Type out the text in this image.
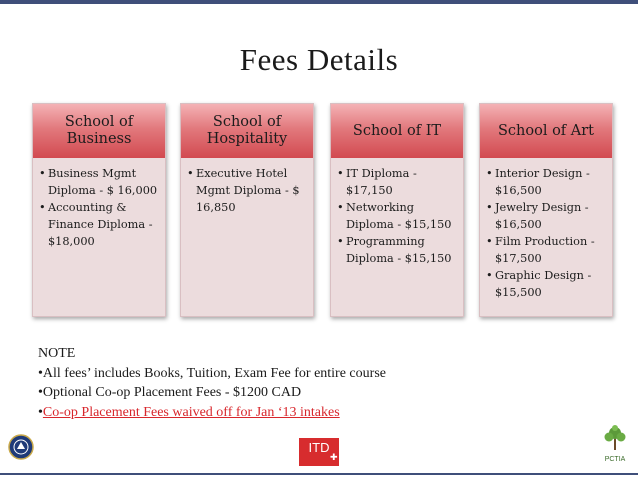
Fees Details
School of Business
• Business Mgmt Diploma - $ 16,000
• Accounting & Finance Diploma - $18,000
School of Hospitality
• Executive Hotel Mgmt Diploma - $ 16,850
School of IT
• IT Diploma - $17,150
• Networking Diploma - $15,150
• Programming Diploma - $15,150
School of Art
• Interior Design - $16,500
• Jewelry Design - $16,500
• Film Production - $17,500
• Graphic Design - $15,500
NOTE
•All fees’ includes Books, Tuition, Exam Fee for entire course
•Optional Co-op Placement Fees - $1200 CAD
•Co-op Placement Fees waived off for Jan ‘13 intakes
ITD
✚	PCTIA
